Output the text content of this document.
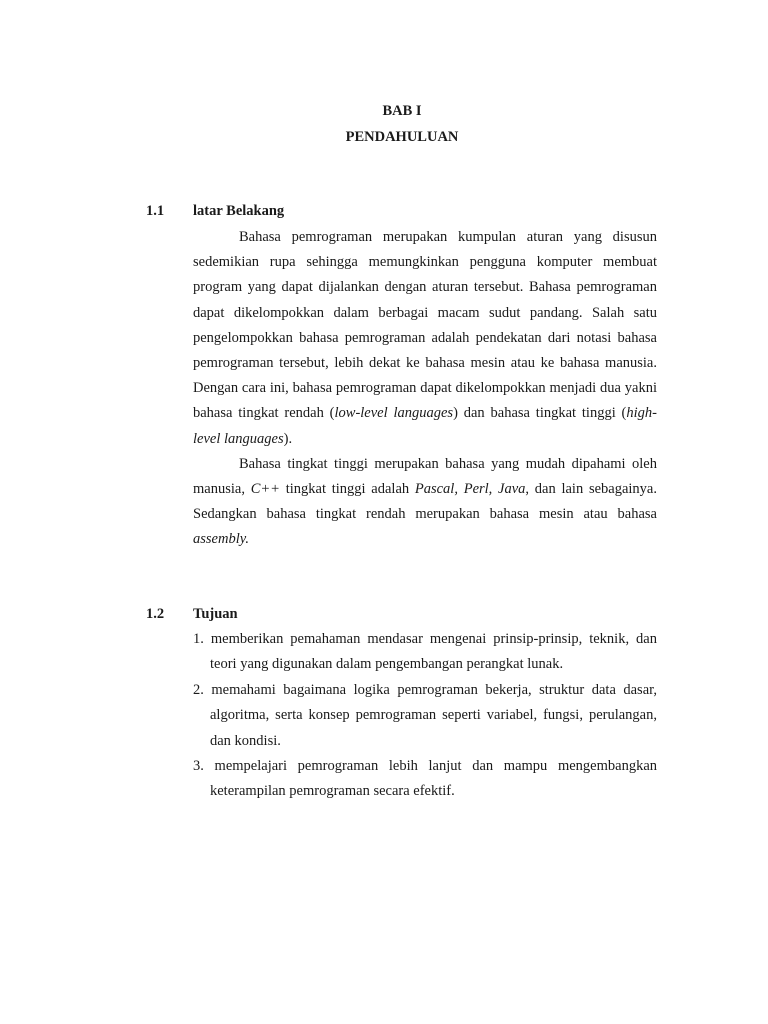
BAB I
PENDAHULUAN
1.1 latar Belakang

Bahasa pemrograman merupakan kumpulan aturan yang disusun sedemikian rupa sehingga memungkinkan pengguna komputer membuat program yang dapat dijalankan dengan aturan tersebut. Bahasa pemrograman dapat dikelompokkan dalam berbagai macam sudut pandang. Salah satu pengelompokkan bahasa pemrograman adalah pendekatan dari notasi bahasa pemrograman tersebut, lebih dekat ke bahasa mesin atau ke bahasa manusia. Dengan cara ini, bahasa pemrograman dapat dikelompokkan menjadi dua yakni bahasa tingkat rendah (low-level languages) dan bahasa tingkat tinggi (high-level languages).

Bahasa tingkat tinggi merupakan bahasa yang mudah dipahami oleh manusia, C++ tingkat tinggi adalah Pascal, Perl, Java, dan lain sebagainya. Sedangkan bahasa tingkat rendah merupakan bahasa mesin atau bahasa assembly.

1.2 Tujuan
1. memberikan pemahaman mendasar mengenai prinsip-prinsip, teknik, dan teori yang digunakan dalam pengembangan perangkat lunak.
2. memahami bagaimana logika pemrograman bekerja, struktur data dasar, algoritma, serta konsep pemrograman seperti variabel, fungsi, perulangan, dan kondisi.
3. mempelajari pemrograman lebih lanjut dan mampu mengembangkan keterampilan pemrograman secara efektif.
